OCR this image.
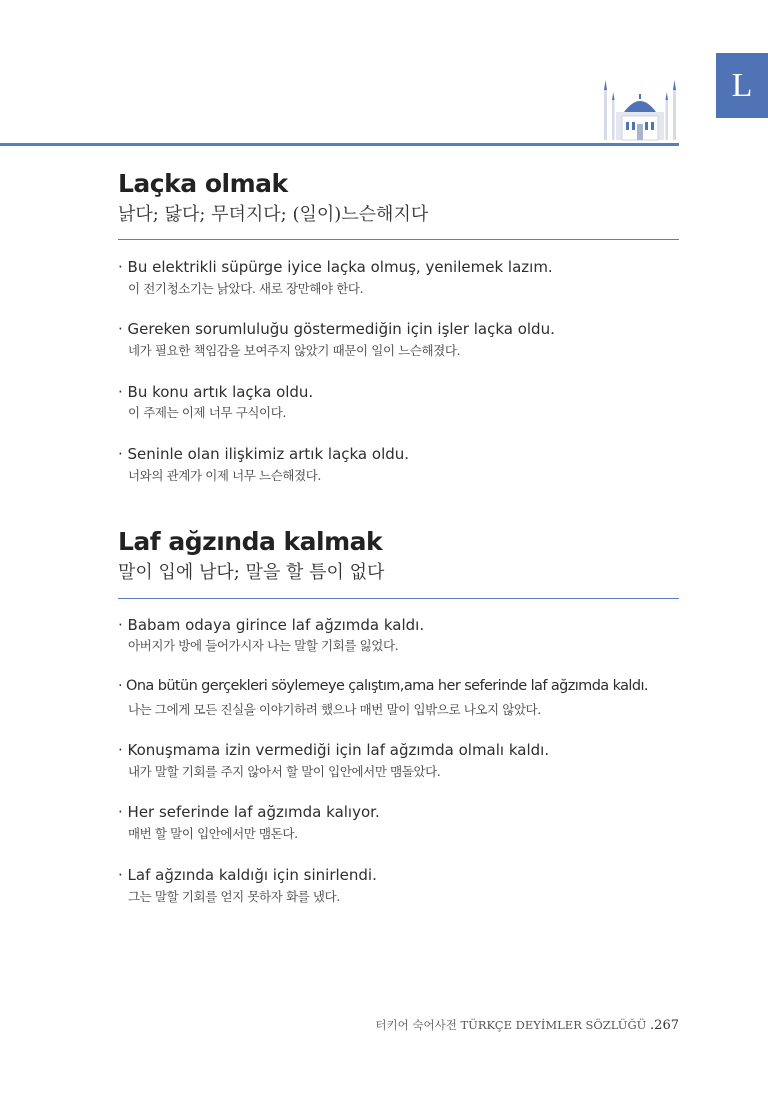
L
Laçka olmak
낡다; 닳다; 무뎌지다; (일이)느슨해지다
· Bu elektrikli süpürge iyice laçka olmuş, yenilemek lazım.
이 전기청소기는 낡았다. 새로 장만해야 한다.
· Gereken sorumluluğu göstermediğin için işler laçka oldu.
네가 필요한 책임감을 보여주지 않았기 때문이 일이 느슨해졌다.
· Bu konu artık laçka oldu.
이 주제는 이제 너무 구식이다.
· Seninle olan ilişkimiz artık laçka oldu.
너와의 관계가 이제 너무 느슨해졌다.
Laf ağzında kalmak
말이 입에 남다; 말을 할 틈이 없다
· Babam odaya girince laf ağzımda kaldı.
아버지가 방에 들어가시자 나는 말할 기회를 잃었다.
· Ona bütün gerçekleri söylemeye çalıştım,ama her seferinde laf ağzımda kaldı.
나는 그에게 모든 진실을 이야기하려 했으나 매번 말이 입밖으로 나오지 않았다.
· Konuşmama izin vermediği için laf ağzımda olmalı kaldı.
내가 말할 기회를 주지 않아서 할 말이 입안에서만 맴돌았다.
· Her seferinde laf ağzımda kalıyor.
매번 할 말이 입안에서만 맴돈다.
· Laf ağzında kaldığı için sinirlendi.
그는 말할 기회를 얻지 못하자 화를 냈다.
터키어 숙어사전 TÜRKÇE DEYİMLER SÖZLÜĞÜ .267
